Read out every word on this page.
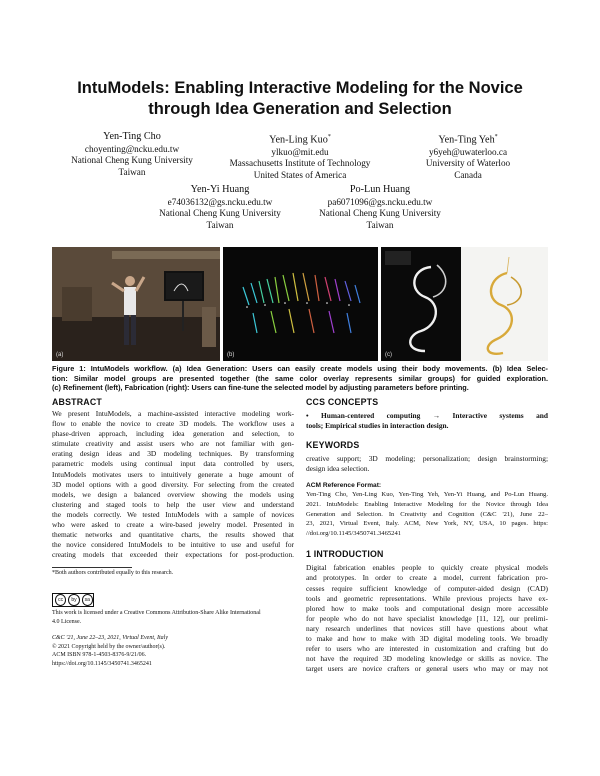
IntuModels: Enabling Interactive Modeling for the Novice
through Idea Generation and Selection
Yen-Ting Cho
choyenting@ncku.edu.tw
National Cheng Kung University
Taiwan
Yen-Ling Kuo*
ylkuo@mit.edu
Massachusetts Institute of Technology
United States of America
Yen-Ting Yeh*
y6yeh@uwaterloo.ca
University of Waterloo
Canada
Yen-Yi Huang
e74036132@gs.ncku.edu.tw
National Cheng Kung University
Taiwan
Po-Lun Huang
pa6071096@gs.ncku.edu.tw
National Cheng Kung University
Taiwan
(a)	(b)	(c)
Figure 1: IntuModels workflow. (a) Idea Generation: Users can easily create models using their body movements. (b) Idea Selec-
tion: Similar model groups are presented together (the same color overlay represents similar groups) for guided exploration.
(c) Refinement (left), Fabrication (right): Users can fine-tune the selected model by adjusting parameters before printing.
ABSTRACT
We present IntuModels, a machine-assisted interactive modeling work-
flow to enable the novice to create 3D models. The workflow uses a
phase-driven approach, including idea generation and selection, to
stimulate creativity and assist users who are not familiar with gen-
erating design ideas and 3D modeling techniques. By transforming
parametric models using continual input data controlled by users,
IntuModels motivates users to intuitively generate a huge amount of
3D model options with a good diversity. For selecting from the created
models, we design a balanced overview showing the models using
clustering and staged tools to help the user view and understand
the models correctly. We tested IntuModels with a sample of novices
who were asked to create a wire-based jewelry model. Presented in
thematic networks and quantitative charts, the results showed that
the novice considered IntuModels to be intuitive to use and useful for
creating models that exceeded their expectations for post-production.
*Both authors contributed equally to this research.
cc	by	sa
This work is licensed under a Creative Commons Attribution-Share Alike International
4.0 License.
C&C '21, June 22–23, 2021, Virtual Event, Italy
© 2021 Copyright held by the owner/author(s).
ACM ISBN 978-1-4503-8376-9/21/06.
https://doi.org/10.1145/3450741.3465241
CCS CONCEPTS
• Human-centered computing → Interactive systems and
tools; Empirical studies in interaction design.
KEYWORDS
creative support; 3D modeling; personalization; design brainstorming;
design idea selection.
ACM Reference Format:
Yen-Ting Cho, Yen-Ling Kuo, Yen-Ting Yeh, Yen-Yi Huang, and Po-Lun Huang.
2021. IntuModels: Enabling Interactive Modeling for the Novice through Idea
Generation and Selection. In Creativity and Cognition (C&C '21), June 22–
23, 2021, Virtual Event, Italy. ACM, New York, NY, USA, 10 pages. https:
//doi.org/10.1145/3450741.3465241
1 INTRODUCTION
Digital fabrication enables people to quickly create physical models
and prototypes. In order to create a model, current fabrication pro-
cesses require sufficient knowledge of computer-aided design (CAD)
tools and geometric representations. While previous projects have ex-
plored how to make tools and computational design more accessible
for people who do not have specialist knowledge [11, 12], our prelimi-
nary research underlines that novices still have questions about what
to make and how to make with 3D digital modeling tools. We broadly
refer to users who are interested in customization and crafting but do
not have the required 3D modeling knowledge or skills as novice. The
target users are novice crafters or general users who may or may not
